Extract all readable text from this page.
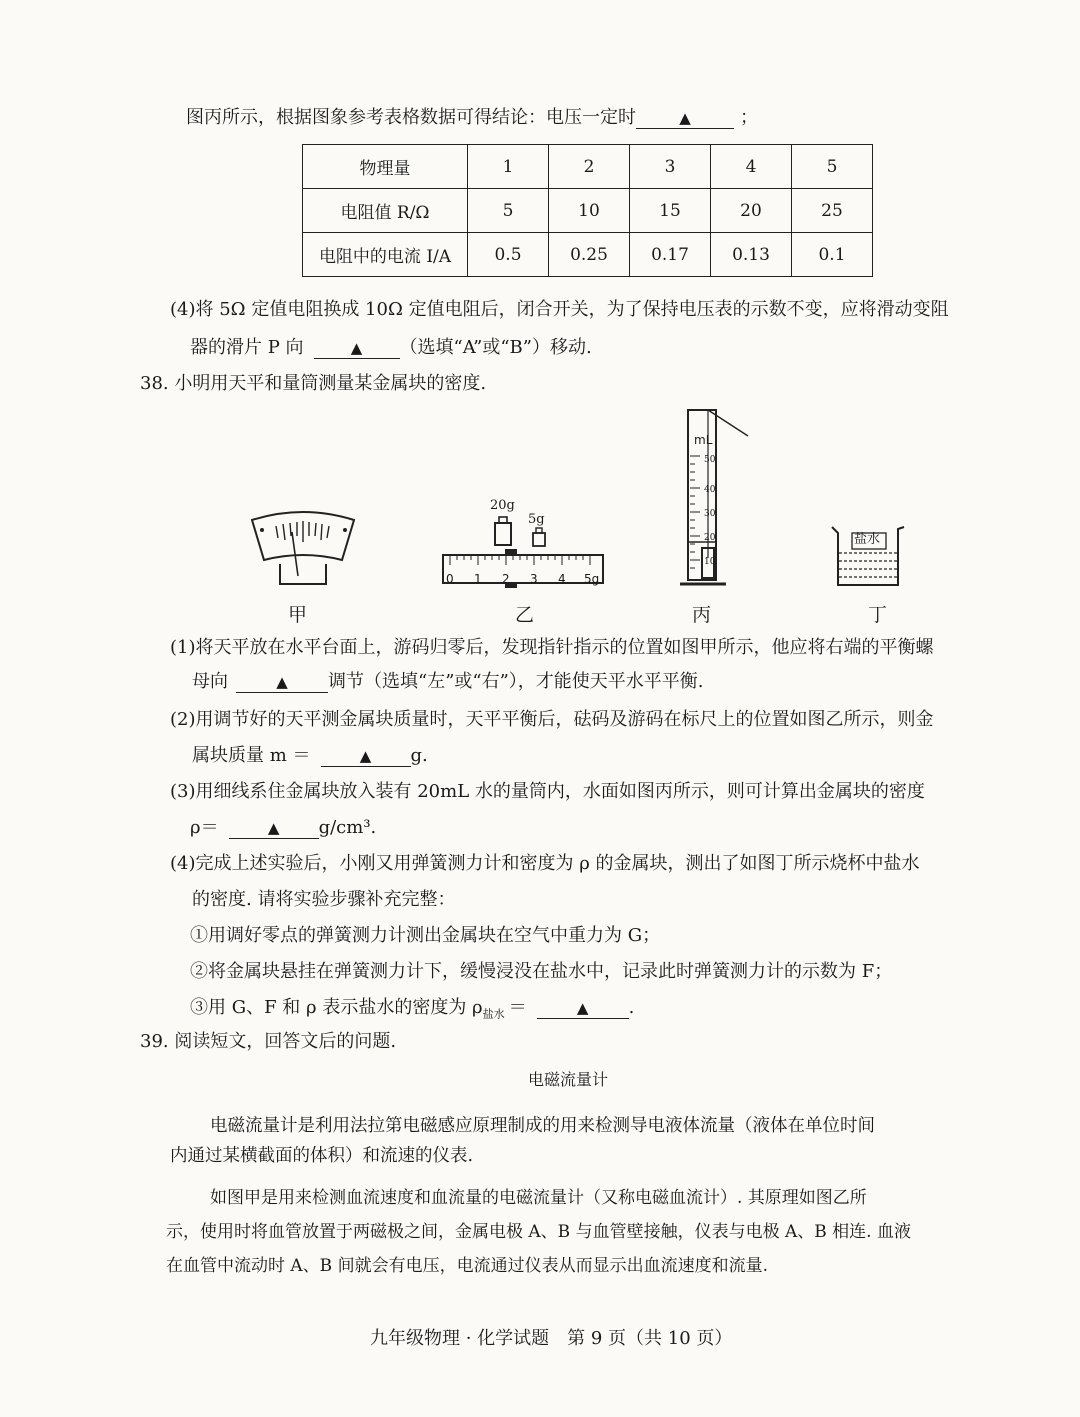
图丙所示，根据图象参考表格数据可得结论：电压一定时	▲	；
物理量	1	2	3	4	5
电阻值 R/Ω	5	10	15	20	25
电阻中的电流 I/A	0.5	0.25	0.17	0.13	0.1
(4)将 5Ω 定值电阻换成 10Ω 定值电阻后，闭合开关，为了保持电压表的示数不变，应将滑动变阻
器的滑片 P 向	▲ （选填“A”或“B”）移动.
38. 小明用天平和量筒测量某金属块的密度.
甲
20g
5g
0 1 2 3 4 5g
乙
mL
50
40
30
20
10
丙
盐水
丁
(1)将天平放在水平台面上，游码归零后，发现指针指示的位置如图甲所示，他应将右端的平衡螺
母向	▲ 调节（选填“左”或“右”），才能使天平水平平衡.
(2)用调节好的天平测金属块质量时，天平平衡后，砝码及游码在标尺上的位置如图乙所示，则金
属块质量 m ＝	▲ g.
(3)用细线系住金属块放入装有 20mL 水的量筒内，水面如图丙所示，则可计算出金属块的密度
ρ＝	▲ g/cm³.
(4)完成上述实验后，小刚又用弹簧测力计和密度为 ρ 的金属块，测出了如图丁所示烧杯中盐水
的密度. 请将实验步骤补充完整：
①用调好零点的弹簧测力计测出金属块在空气中重力为 G；
②将金属块悬挂在弹簧测力计下，缓慢浸没在盐水中，记录此时弹簧测力计的示数为 F；
③用 G、F 和 ρ 表示盐水的密度为 $\rho_{盐水}$ ＝	▲ .
39. 阅读短文，回答文后的问题.
电磁流量计
电磁流量计是利用法拉第电磁感应原理制成的用来检测导电液体流量（液体在单位时间
内通过某横截面的体积）和流速的仪表.
如图甲是用来检测血流速度和血流量的电磁流量计（又称电磁血流计）. 其原理如图乙所
示，使用时将血管放置于两磁极之间，金属电极 A、B 与血管壁接触，仪表与电极 A、B 相连. 血液
在血管中流动时 A、B 间就会有电压，电流通过仪表从而显示出血流速度和流量.
九年级物理 · 化学试题　第 9 页（共 10 页）
